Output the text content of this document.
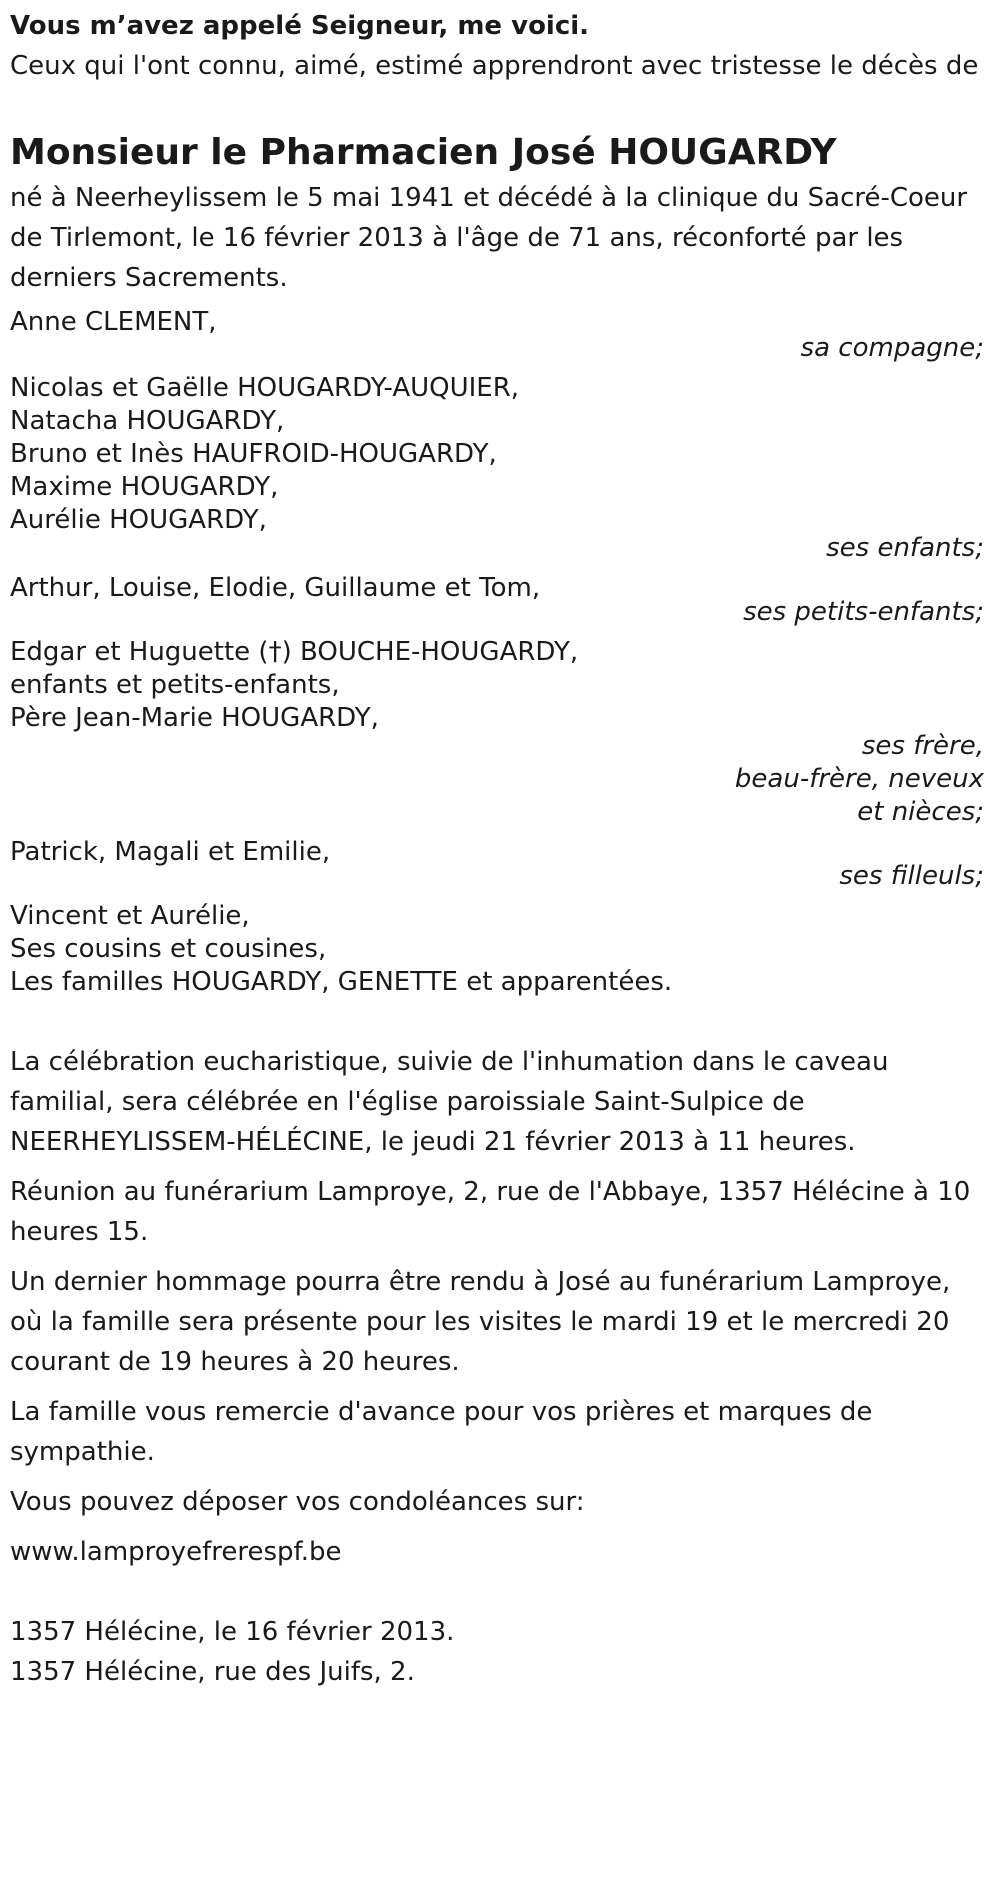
Vous m’avez appelé Seigneur, me voici.

Ceux qui l'ont connu, aimé, estimé apprendront avec tristesse le décès de

Monsieur le Pharmacien José HOUGARDY

né à Neerheylissem le 5 mai 1941 et décédé à la clinique du Sacré-Coeur de Tirlemont, le 16 février 2013 à l'âge de 71 ans, réconforté par les derniers Sacrements.

Anne CLEMENT,
sa compagne;
Nicolas et Gaëlle HOUGARDY-AUQUIER,
Natacha HOUGARDY,
Bruno et Inès HAUFROID-HOUGARDY,
Maxime HOUGARDY,
Aurélie HOUGARDY,
ses enfants;
Arthur, Louise, Elodie, Guillaume et Tom,
ses petits-enfants;
Edgar et Huguette (†) BOUCHE-HOUGARDY,
enfants et petits-enfants,
Père Jean-Marie HOUGARDY,
ses frère,
beau-frère, neveux
et nièces;
Patrick, Magali et Emilie,
ses filleuls;
Vincent et Aurélie,
Ses cousins et cousines,
Les familles HOUGARDY, GENETTE et apparentées.

La célébration eucharistique, suivie de l'inhumation dans le caveau familial, sera célébrée en l'église paroissiale Saint-Sulpice de NEERHEYLISSEM-HÉLÉCINE, le jeudi 21 février 2013 à 11 heures.

Réunion au funérarium Lamproye, 2, rue de l'Abbaye, 1357 Hélécine à 10 heures 15.

Un dernier hommage pourra être rendu à José au funérarium Lamproye, où la famille sera présente pour les visites le mardi 19 et le mercredi 20 courant de 19 heures à 20 heures.

La famille vous remercie d'avance pour vos prières et marques de sympathie.

Vous pouvez déposer vos condoléances sur:

www.lamproyefrerespf.be

1357 Hélécine, le 16 février 2013.

1357 Hélécine, rue des Juifs, 2.
